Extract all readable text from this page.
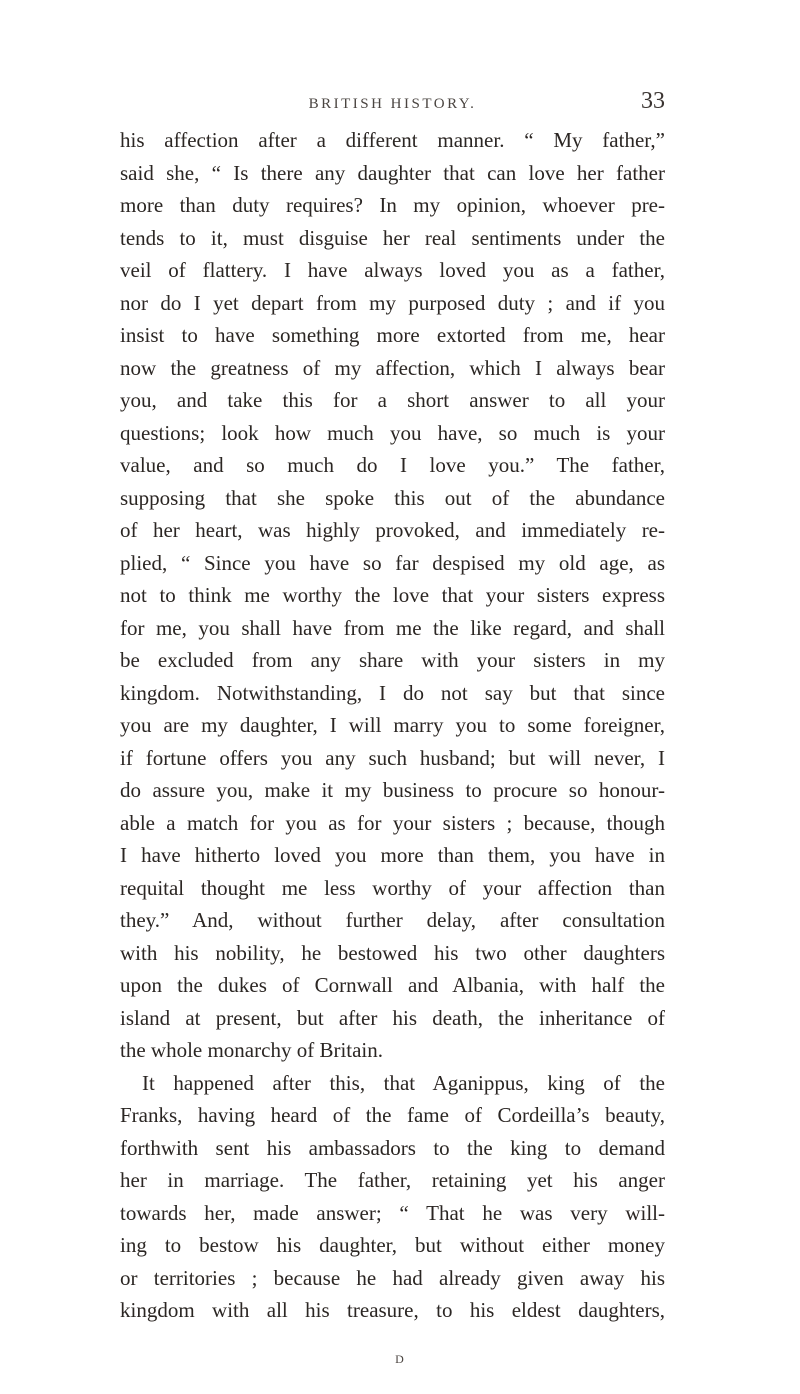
BRITISH HISTORY.	33
his affection after a different manner. “ My father,”
said she, “ Is there any daughter that can love her father
more than duty requires? In my opinion, whoever pre-
tends to it, must disguise her real sentiments under the
veil of flattery. I have always loved you as a father,
nor do I yet depart from my purposed duty ; and if you
insist to have something more extorted from me, hear
now the greatness of my affection, which I always bear
you, and take this for a short answer to all your
questions; look how much you have, so much is your
value, and so much do I love you.” The father,
supposing that she spoke this out of the abundance
of her heart, was highly provoked, and immediately re-
plied, “ Since you have so far despised my old age, as
not to think me worthy the love that your sisters express
for me, you shall have from me the like regard, and shall
be excluded from any share with your sisters in my
kingdom. Notwithstanding, I do not say but that since
you are my daughter, I will marry you to some foreigner,
if fortune offers you any such husband; but will never, I
do assure you, make it my business to procure so honour-
able a match for you as for your sisters ; because, though
I have hitherto loved you more than them, you have in
requital thought me less worthy of your affection than
they.” And, without further delay, after consultation
with his nobility, he bestowed his two other daughters
upon the dukes of Cornwall and Albania, with half the
island at present, but after his death, the inheritance of
the whole monarchy of Britain.
It happened after this, that Aganippus, king of the
Franks, having heard of the fame of Cordeilla’s beauty,
forthwith sent his ambassadors to the king to demand
her in marriage. The father, retaining yet his anger
towards her, made answer; “ That he was very will-
ing to bestow his daughter, but without either money
or territories ; because he had already given away his
kingdom with all his treasure, to his eldest daughters,
D
